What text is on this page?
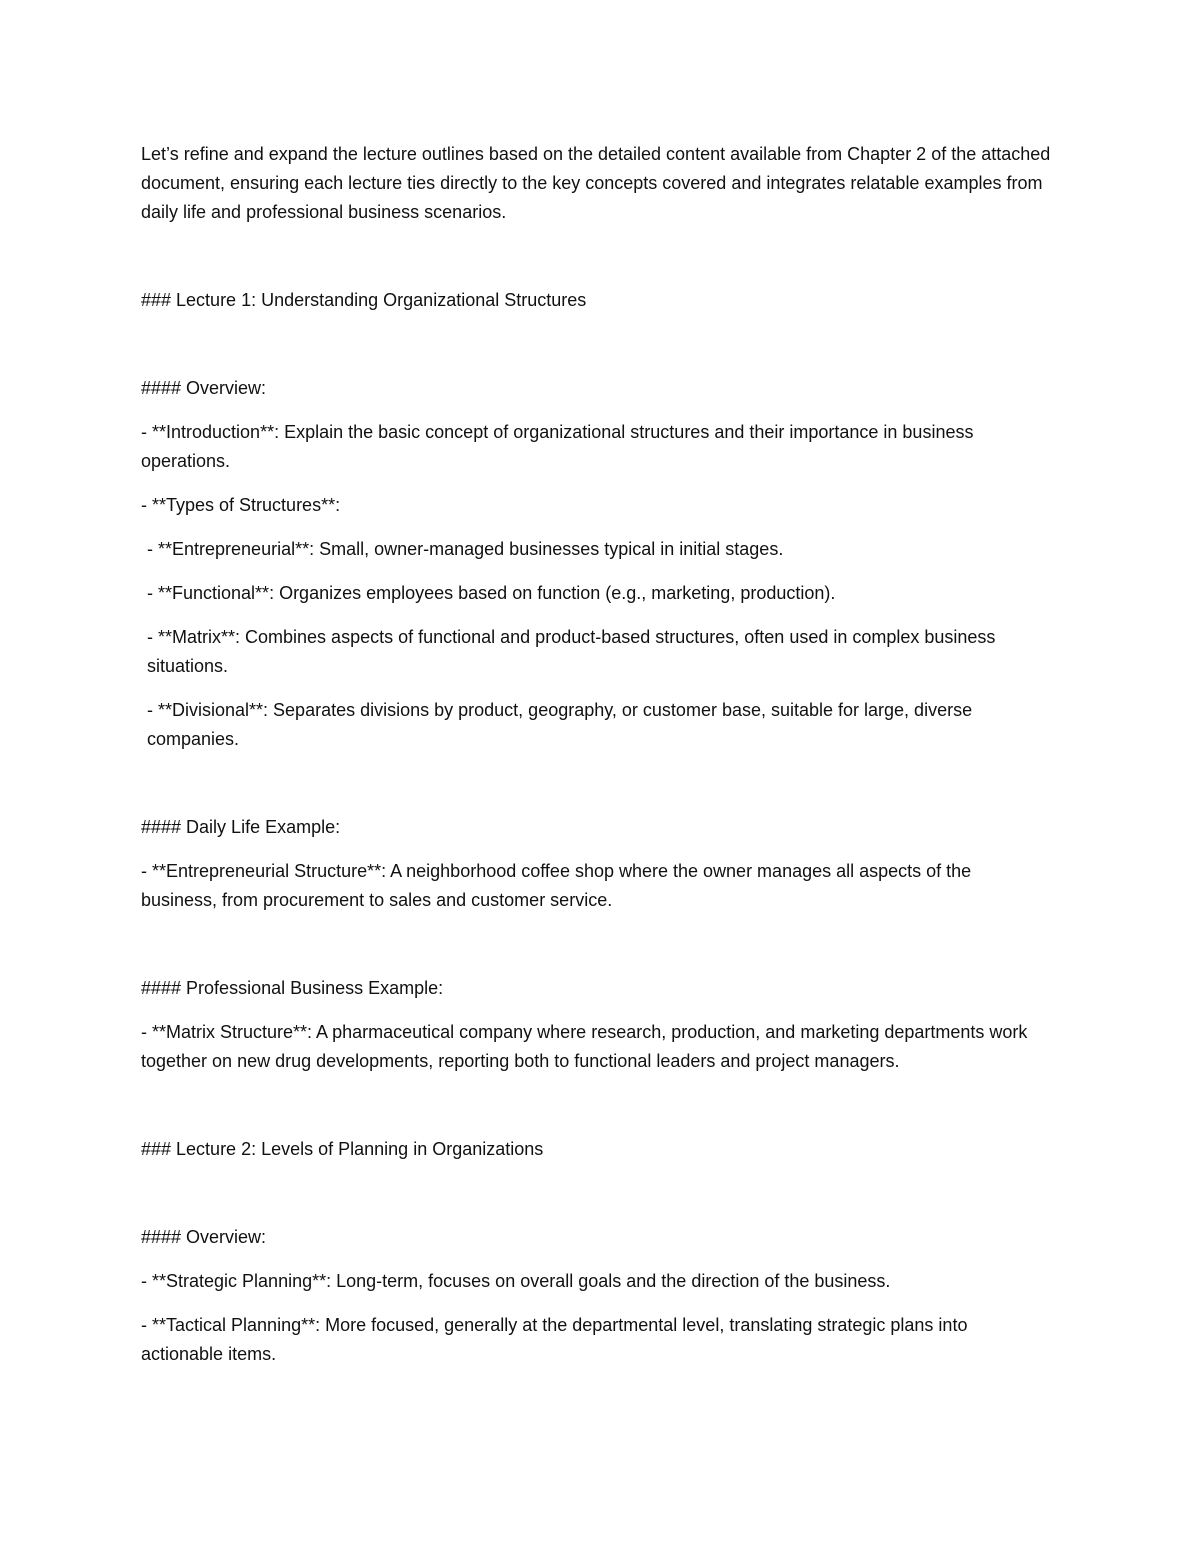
Let’s refine and expand the lecture outlines based on the detailed content available from Chapter 2 of the attached document, ensuring each lecture ties directly to the key concepts covered and integrates relatable examples from daily life and professional business scenarios.

### Lecture 1: Understanding Organizational Structures

#### Overview:

- **Introduction**: Explain the basic concept of organizational structures and their importance in business operations.

- **Types of Structures**:

- **Entrepreneurial**: Small, owner-managed businesses typical in initial stages.

- **Functional**: Organizes employees based on function (e.g., marketing, production).

- **Matrix**: Combines aspects of functional and product-based structures, often used in complex business situations.

- **Divisional**: Separates divisions by product, geography, or customer base, suitable for large, diverse companies.

#### Daily Life Example:

- **Entrepreneurial Structure**: A neighborhood coffee shop where the owner manages all aspects of the business, from procurement to sales and customer service.

#### Professional Business Example:

- **Matrix Structure**: A pharmaceutical company where research, production, and marketing departments work together on new drug developments, reporting both to functional leaders and project managers.

### Lecture 2: Levels of Planning in Organizations

#### Overview:

- **Strategic Planning**: Long-term, focuses on overall goals and the direction of the business.

- **Tactical Planning**: More focused, generally at the departmental level, translating strategic plans into actionable items.
